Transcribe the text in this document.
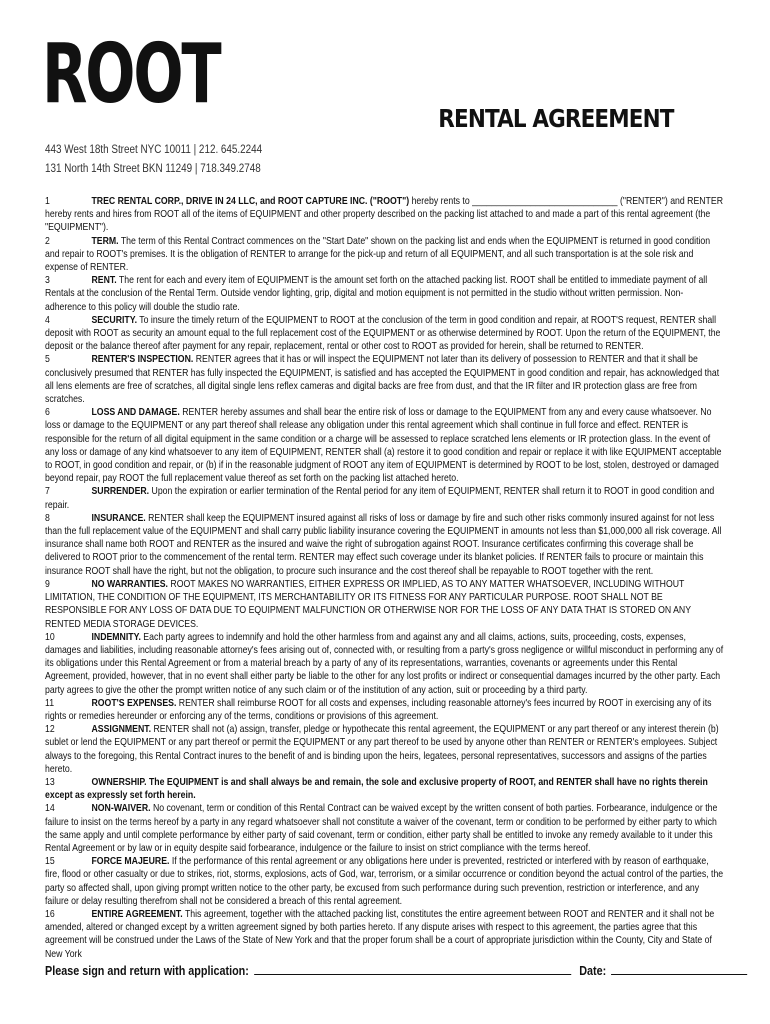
ROOT	RENTAL AGREEMENT
443 West 18th Street NYC 10011 | 212. 645.2244
131 North 14th Street BKN 11249 | 718.349.2748

1	TREC RENTAL CORP., DRIVE IN 24 LLC, and ROOT CAPTURE INC. ("ROOT") hereby rents to ______________________________ ("RENTER") and RENTER hereby rents and hires from ROOT all of the items of EQUIPMENT and other property described on the packing list attached to and made a part of this rental agreement (the "EQUIPMENT").

2	TERM. The term of this Rental Contract commences on the "Start Date" shown on the packing list and ends when the EQUIPMENT is returned in good condition and repair to ROOT's premises. It is the obligation of RENTER to arrange for the pick-up and return of all EQUIPMENT, and all such transportation is at the sole risk and expense of RENTER.

3	RENT. The rent for each and every item of EQUIPMENT is the amount set forth on the attached packing list. ROOT shall be entitled to immediate payment of all Rentals at the conclusion of the Rental Term. Outside vendor lighting, grip, digital and motion equipment is not permitted in the studio without written permission. Non-adherence to this policy will double the studio rate.

4	SECURITY. To insure the timely return of the EQUIPMENT to ROOT at the conclusion of the term in good condition and repair, at ROOT'S request, RENTER shall deposit with ROOT as security an amount equal to the full replacement cost of the EQUIPMENT or as otherwise determined by ROOT. Upon the return of the EQUIPMENT, the deposit or the balance thereof after payment for any repair, replacement, rental or other cost to ROOT as provided for herein, shall be returned to RENTER.

5	RENTER'S INSPECTION. RENTER agrees that it has or will inspect the EQUIPMENT not later than its delivery of possession to RENTER and that it shall be conclusively presumed that RENTER has fully inspected the EQUIPMENT, is satisfied and has accepted the EQUIPMENT in good condition and repair, has acknowledged that all lens elements are free of scratches, all digital single lens reflex cameras and digital backs are free from dust, and that the IR filter and IR protection glass are free from scratches.

6	LOSS AND DAMAGE. RENTER hereby assumes and shall bear the entire risk of loss or damage to the EQUIPMENT from any and every cause whatsoever. No loss or damage to the EQUIPMENT or any part thereof shall release any obligation under this rental agreement which shall continue in full force and effect. RENTER is responsible for the return of all digital equipment in the same condition or a charge will be assessed to replace scratched lens elements or IR protection glass. In the event of any loss or damage of any kind whatsoever to any item of EQUIPMENT, RENTER shall (a) restore it to good condition and repair or replace it with like EQUIPMENT acceptable to ROOT, in good condition and repair, or (b) if in the reasonable judgment of ROOT any item of EQUIPMENT is determined by ROOT to be lost, stolen, destroyed or damaged beyond repair, pay ROOT the full replacement value thereof as set forth on the packing list attached hereto.

7	SURRENDER. Upon the expiration or earlier termination of the Rental period for any item of EQUIPMENT, RENTER shall return it to ROOT in good condition and repair.

8	INSURANCE. RENTER shall keep the EQUIPMENT insured against all risks of loss or damage by fire and such other risks commonly insured against for not less than the full replacement value of the EQUIPMENT and shall carry public liability insurance covering the EQUIPMENT in amounts not less than $1,000,000 all risk coverage. All insurance shall name both ROOT and RENTER as the insured and waive the right of subrogation against ROOT. Insurance certificates confirming this coverage shall be delivered to ROOT prior to the commencement of the rental term. RENTER may effect such coverage under its blanket policies. If RENTER fails to procure or maintain this insurance ROOT shall have the right, but not the obligation, to procure such insurance and the cost thereof shall be repayable to ROOT together with the rent.

9	NO WARRANTIES. ROOT MAKES NO WARRANTIES, EITHER EXPRESS OR IMPLIED, AS TO ANY MATTER WHATSOEVER, INCLUDING WITHOUT LIMITATION, THE CONDITION OF THE EQUIPMENT, ITS MERCHANTABILITY OR ITS FITNESS FOR ANY PARTICULAR PURPOSE. ROOT SHALL NOT BE RESPONSIBLE FOR ANY LOSS OF DATA DUE TO EQUIPMENT MALFUNCTION OR OTHERWISE NOR FOR THE LOSS OF ANY DATA THAT IS STORED ON ANY RENTED MEDIA STORAGE DEVICES.

10	INDEMNITY. Each party agrees to indemnify and hold the other harmless from and against any and all claims, actions, suits, proceeding, costs, expenses, damages and liabilities, including reasonable attorney's fees arising out of, connected with, or resulting from a party's gross negligence or willful misconduct in performing any of its obligations under this Rental Agreement or from a material breach by a party of any of its representations, warranties, covenants or agreements under this Rental Agreement, provided, however, that in no event shall either party be liable to the other for any lost profits or indirect or consequential damages incurred by the other party. Each party agrees to give the other the prompt written notice of any such claim or of the institution of any action, suit or proceeding by a third party.

11	ROOT'S EXPENSES. RENTER shall reimburse ROOT for all costs and expenses, including reasonable attorney's fees incurred by ROOT in exercising any of its rights or remedies hereunder or enforcing any of the terms, conditions or provisions of this agreement.

12	ASSIGNMENT. RENTER shall not (a) assign, transfer, pledge or hypothecate this rental agreement, the EQUIPMENT or any part thereof or any interest therein (b) sublet or lend the EQUIPMENT or any part thereof or permit the EQUIPMENT or any part thereof to be used by anyone other than RENTER or RENTER's employees. Subject always to the foregoing, this Rental Contract inures to the benefit of and is binding upon the heirs, legatees, personal representatives, successors and assigns of the parties hereto.

13	OWNERSHIP. The EQUIPMENT is and shall always be and remain, the sole and exclusive property of ROOT, and RENTER shall have no rights therein except as expressly set forth herein.

14	NON-WAIVER. No covenant, term or condition of this Rental Contract can be waived except by the written consent of both parties. Forbearance, indulgence or the failure to insist on the terms hereof by a party in any regard whatsoever shall not constitute a waiver of the covenant, term or condition to be performed by either party to which the same apply and until complete performance by either party of said covenant, term or condition, either party shall be entitled to invoke any remedy available to it under this Rental Agreement or by law or in equity despite said forbearance, indulgence or the failure to insist on strict compliance with the terms hereof.

15	FORCE MAJEURE. If the performance of this rental agreement or any obligations here under is prevented, restricted or interfered with by reason of earthquake, fire, flood or other casualty or due to strikes, riot, storms, explosions, acts of God, war, terrorism, or a similar occurrence or condition beyond the actual control of the parties, the party so affected shall, upon giving prompt written notice to the other party, be excused from such performance during such prevention, restriction or interference, and any failure or delay resulting therefrom shall not be considered a breach of this rental agreement.

16	ENTIRE AGREEMENT. This agreement, together with the attached packing list, constitutes the entire agreement between ROOT and RENTER and it shall not be amended, altered or changed except by a written agreement signed by both parties hereto. If any dispute arises with respect to this agreement, the parties agree that this agreement will be construed under the Laws of the State of New York and that the proper forum shall be a court of appropriate jurisdiction within the County, City and State of New York

Please sign and return with application:	Date:
